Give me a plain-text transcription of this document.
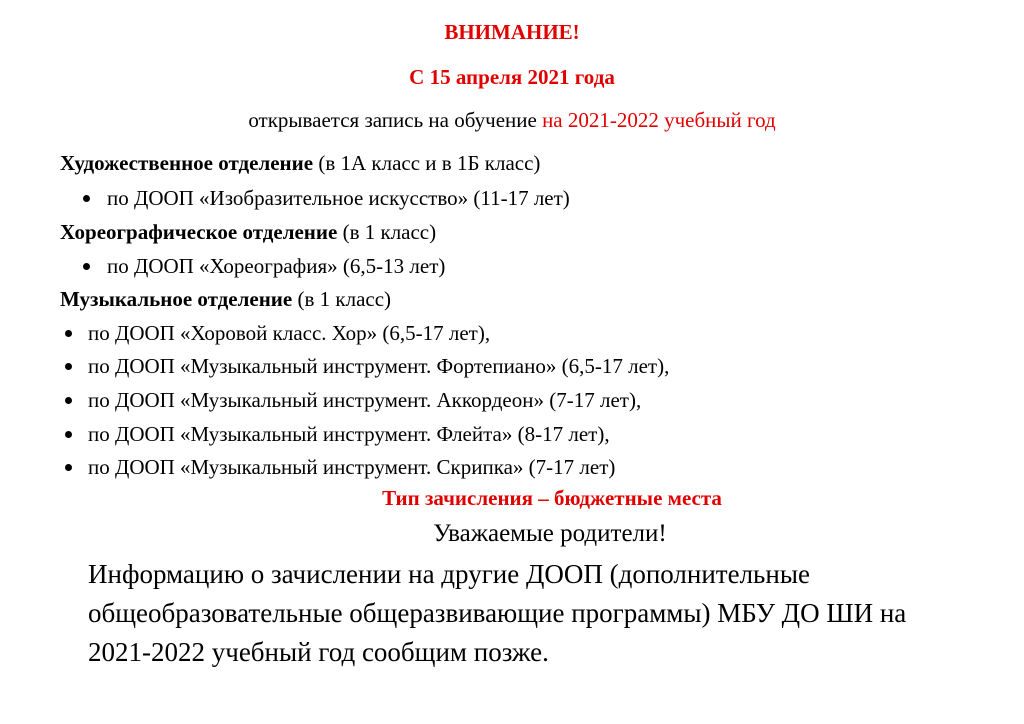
ВНИМАНИЕ!
С 15 апреля 2021 года
открывается запись на обучение на 2021-2022 учебный год
Художественное отделение (в 1А класс и в 1Б класс)
по ДООП «Изобразительное искусство» (11-17 лет)
Хореографическое отделение (в 1 класс)
по ДООП «Хореография» (6,5-13 лет)
Музыкальное отделение (в 1 класс)
по ДООП «Хоровой класс. Хор» (6,5-17 лет),
по ДООП «Музыкальный инструмент. Фортепиано» (6,5-17 лет),
по ДООП «Музыкальный инструмент. Аккордеон» (7-17 лет),
по ДООП «Музыкальный инструмент. Флейта» (8-17 лет),
по ДООП «Музыкальный инструмент. Скрипка» (7-17 лет)
Тип зачисления – бюджетные места
Уважаемые родители!
Информацию о зачислении на другие ДООП (дополнительные
общеобразовательные общеразвивающие программы) МБУ ДО ШИ на
2021-2022 учебный год сообщим позже.
